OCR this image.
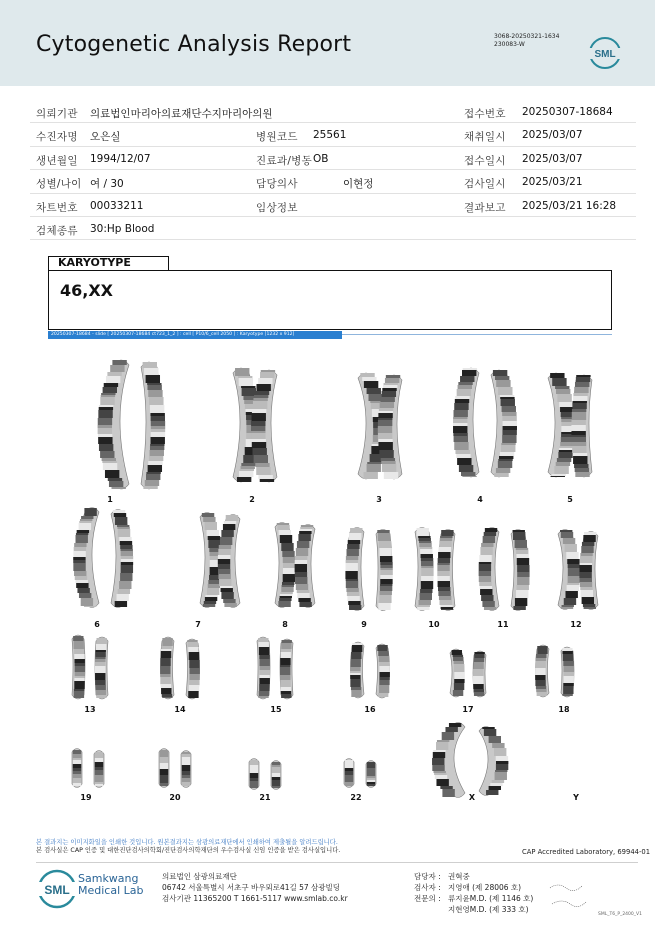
Cytogenetic Analysis Report	3068-20250321-1634
230083-W
SML
의뢰기관 의료법인마리아의료재단수지마리아의원	접수번호 20250307-18684
수진자명 오은실	병원코드 25561	채취일시 2025/03/07
생년월일 1994/12/07	진료과/병동 OB	접수일시 2025/03/07
성별/나이 여 / 30	담당의사	이현정	검사일시 2025/03/21
차트번호 00033211	임상정보	결과보고 2025/03/21 16:28
검체종류 30:Hp Blood
KARYOTYPE
46,XX
20250307-18684 - slide [ 20250307-18684 ct723_1_2 ] : cell [ P10/6_cell 2050 ] : Karyotype [1232 x 912]
1	2	3	4	5
6	7	8	9	10	11	12
13	14	15	16	17	18
19	20	21	22	X	Y
본 결과지는 이미지화일을 인쇄한 것입니다. 원본결과지는 삼광의료재단에서 인쇄하여 제출될을 알려드립니다.
본 검사실은 CAP 인증 및 대한진단검사의학회/진단검사의학재단의 우수검사실 신임 인증을 받은 검사실입니다.	CAP Accredited Laboratory, 69944-01
SML
Samkwang
Medical Lab
의료법인 삼광의료재단
06742 서울특별시 서초구 바우뫼로41길 57 삼광빌딩
검사기관 11365200 T 1661-5117 www.smlab.co.kr
담당자 : 권혁중
검사자 : 지영애 (제 28006 호)
전문의 : 류지윤M.D. (제 1146 호)
지현영M.D. (제 333 호)
SML_T6_P_2400_V1
